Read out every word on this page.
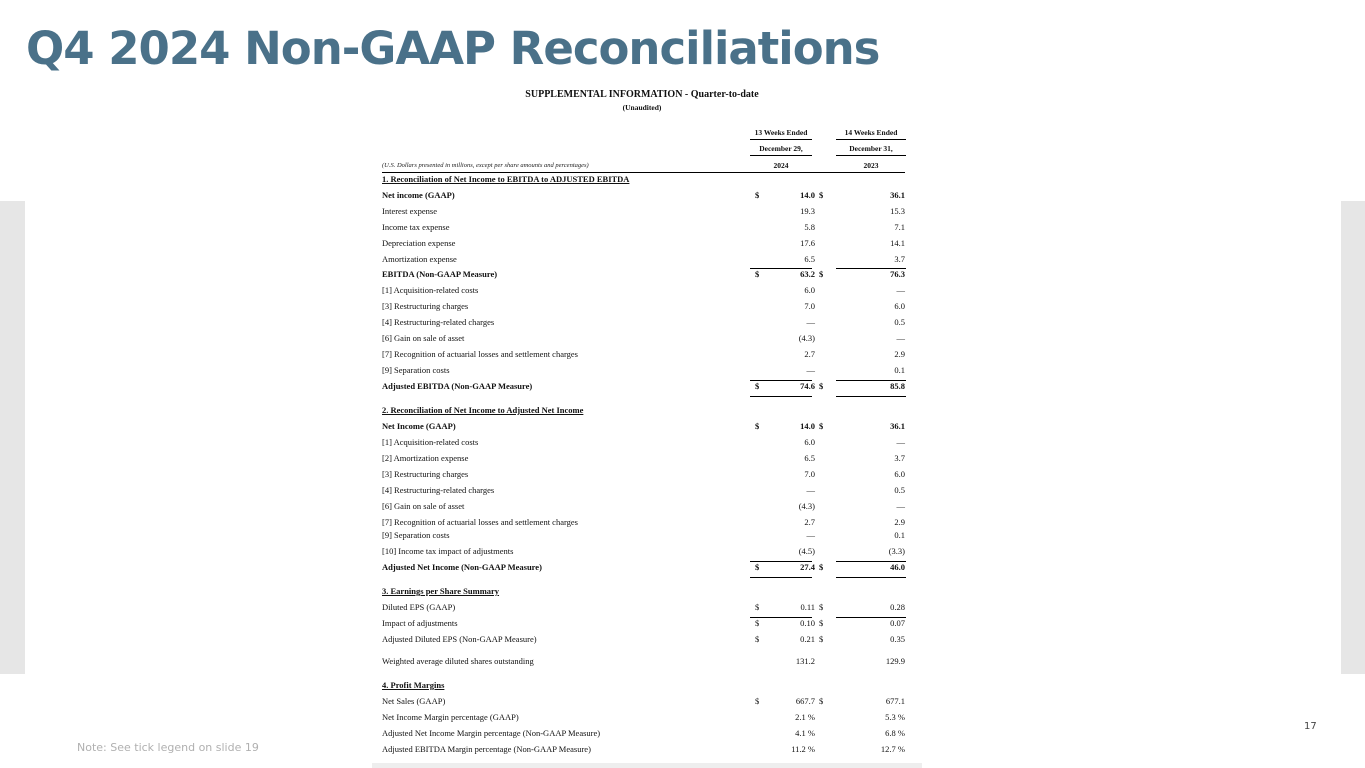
Q4 2024 Non-GAAP Reconciliations
SUPPLEMENTAL INFORMATION - Quarter-to-date
(Unaudited)
13 Weeks Ended	14 Weeks Ended
December 29,	December 31,
(U.S. Dollars presented in millions, except per share amounts and percentages)	2024	2023
1. Reconciliation of Net Income to EBITDA to ADJUSTED EBITDA
Net income (GAAP)	$	14.0 $	36.1
Interest expense	19.3	15.3
Income tax expense	5.8	7.1
Depreciation expense	17.6	14.1
Amortization expense	6.5	3.7
EBITDA (Non-GAAP Measure)	$	63.2 $	76.3
[1] Acquisition-related costs	6.0	—
[3] Restructuring charges	7.0	6.0
[4] Restructuring-related charges	—	0.5
[6] Gain on sale of asset	(4.3)	—
[7] Recognition of actuarial losses and settlement charges	2.7	2.9
[9] Separation costs	—	0.1
Adjusted EBITDA (Non-GAAP Measure)	$	74.6 $	85.8
2. Reconciliation of Net Income to Adjusted Net Income
Net Income (GAAP)	$	14.0 $	36.1
[1] Acquisition-related costs	6.0	—
[2] Amortization expense	6.5	3.7
[3] Restructuring charges	7.0	6.0
[4] Restructuring-related charges	—	0.5
[6] Gain on sale of asset	(4.3)	—
[7] Recognition of actuarial losses and settlement charges	2.7	2.9
[9] Separation costs	—	0.1
[10] Income tax impact of adjustments	(4.5)	(3.3)
Adjusted Net Income (Non-GAAP Measure)	$	27.4 $	46.0
3. Earnings per Share Summary
Diluted EPS (GAAP)	$	0.11 $	0.28
Impact of adjustments	$	0.10 $	0.07
Adjusted Diluted EPS (Non-GAAP Measure)	$	0.21 $	0.35
Weighted average diluted shares outstanding	131.2	129.9
4. Profit Margins
Net Sales (GAAP)	$	667.7 $	677.1
Net Income Margin percentage (GAAP)	2.1 %	5.3 %
Adjusted Net Income Margin percentage (Non-GAAP Measure)	4.1 %	6.8 %
Adjusted EBITDA Margin percentage (Non-GAAP Measure)	11.2 %	12.7 %
Note: See tick legend on slide 19
17
